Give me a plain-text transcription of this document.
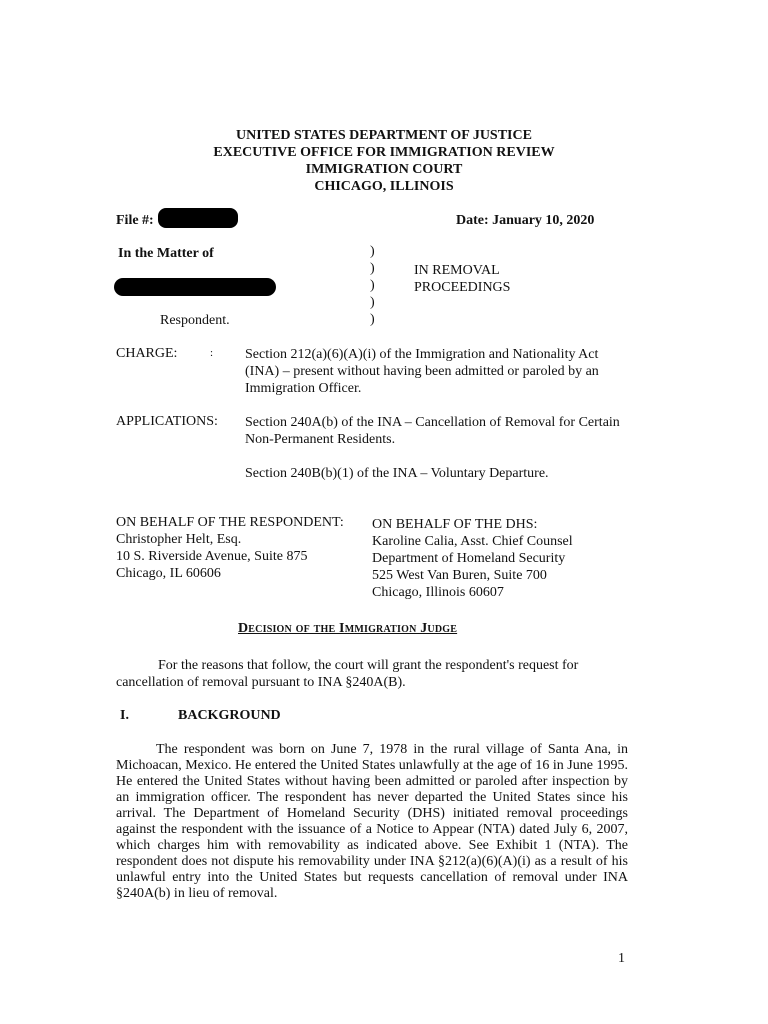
UNITED STATES DEPARTMENT OF JUSTICE
EXECUTIVE OFFICE FOR IMMIGRATION REVIEW
IMMIGRATION COURT
CHICAGO, ILLINOIS
File #:	Date: January 10, 2020
In the Matter of
Respondent.
)
)
)
)
)
IN REMOVAL
PROCEEDINGS
CHARGE:	: Section 212(a)(6)(A)(i) of the Immigration and Nationality Act
(INA) – present without having been admitted or paroled by an
Immigration Officer.
APPLICATIONS: Section 240A(b) of the INA – Cancellation of Removal for Certain
Non-Permanent Residents.
Section 240B(b)(1) of the INA – Voluntary Departure.
ON BEHALF OF THE RESPONDENT:
Christopher Helt, Esq.
10 S. Riverside Avenue, Suite 875
Chicago, IL 60606
ON BEHALF OF THE DHS:
Karoline Calia, Asst. Chief Counsel
Department of Homeland Security
525 West Van Buren, Suite 700
Chicago, Illinois 60607
Decision of the Immigration Judge
For the reasons that follow, the court will grant the respondent's request for
cancellation of removal pursuant to INA §240A(B).
I.	BACKGROUND
The respondent was born on June 7, 1978 in the rural village of Santa Ana, in Michoacan, Mexico. He entered the United States unlawfully at the age of 16 in June 1995. He entered the United States without having been admitted or paroled after inspection by an immigration officer. The respondent has never departed the United States since his arrival. The Department of Homeland Security (DHS) initiated removal proceedings against the respondent with the issuance of a Notice to Appear (NTA) dated July 6, 2007, which charges him with removability as indicated above. See Exhibit 1 (NTA). The respondent does not dispute his removability under INA §212(a)(6)(A)(i) as a result of his unlawful entry into the United States but requests cancellation of removal under INA §240A(b) in lieu of removal.
1
